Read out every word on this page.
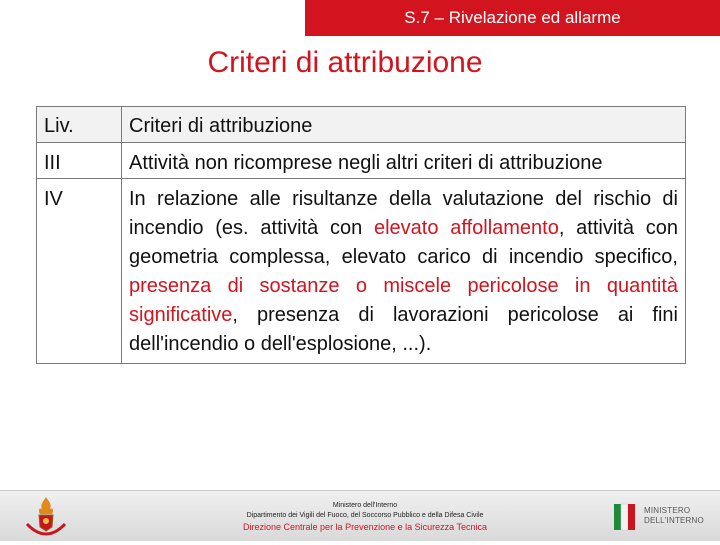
S.7 – Rivelazione ed allarme
Criteri di attribuzione
Liv.	Criteri di attribuzione
III	Attività non ricomprese negli altri criteri di attribuzione
IV	In relazione alle risultanze della valutazione del rischio di incendio (es. attività con elevato affollamento, attività con geometria complessa, elevato carico di incendio specifico, presenza di sostanze o miscele pericolose in quantità significative, presenza di lavorazioni pericolose ai fini dell'incendio o dell'esplosione, ...).
Ministero dell'Interno
Dipartimento dei Vigili del Fuoco, del Soccorso Pubblico e della Difesa Civile
Direzione Centrale per la Prevenzione e la Sicurezza Tecnica
MINISTERO
DELL'INTERNO
